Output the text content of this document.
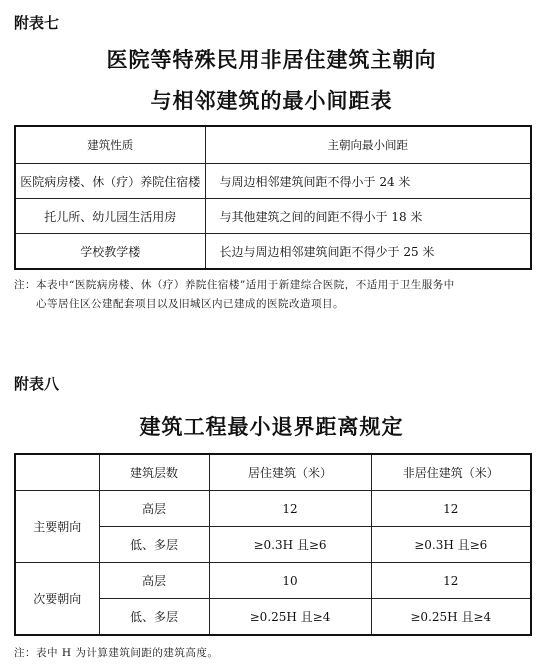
附表七
医院等特殊民用非居住建筑主朝向
与相邻建筑的最小间距表
建筑性质	主朝向最小间距
医院病房楼、休（疗）养院住宿楼	与周边相邻建筑间距不得小于 24 米
托儿所、幼儿园生活用房	与其他建筑之间的间距不得小于 18 米
学校教学楼	长边与周边相邻建筑间距不得少于 25 米
注：本表中“医院病房楼、休（疗）养院住宿楼”适用于新建综合医院，不适用于卫生服务中
心等居住区公建配套项目以及旧城区内已建成的医院改造项目。
附表八
建筑工程最小退界距离规定
	建筑层数	居住建筑（米）	非居住建筑（米）
主要朝向	高层	12	12
	低、多层	≥0.3H 且≥6	≥0.3H 且≥6
次要朝向	高层	10	12
	低、多层	≥0.25H 且≥4	≥0.25H 且≥4
注：表中 H 为计算建筑间距的建筑高度。
